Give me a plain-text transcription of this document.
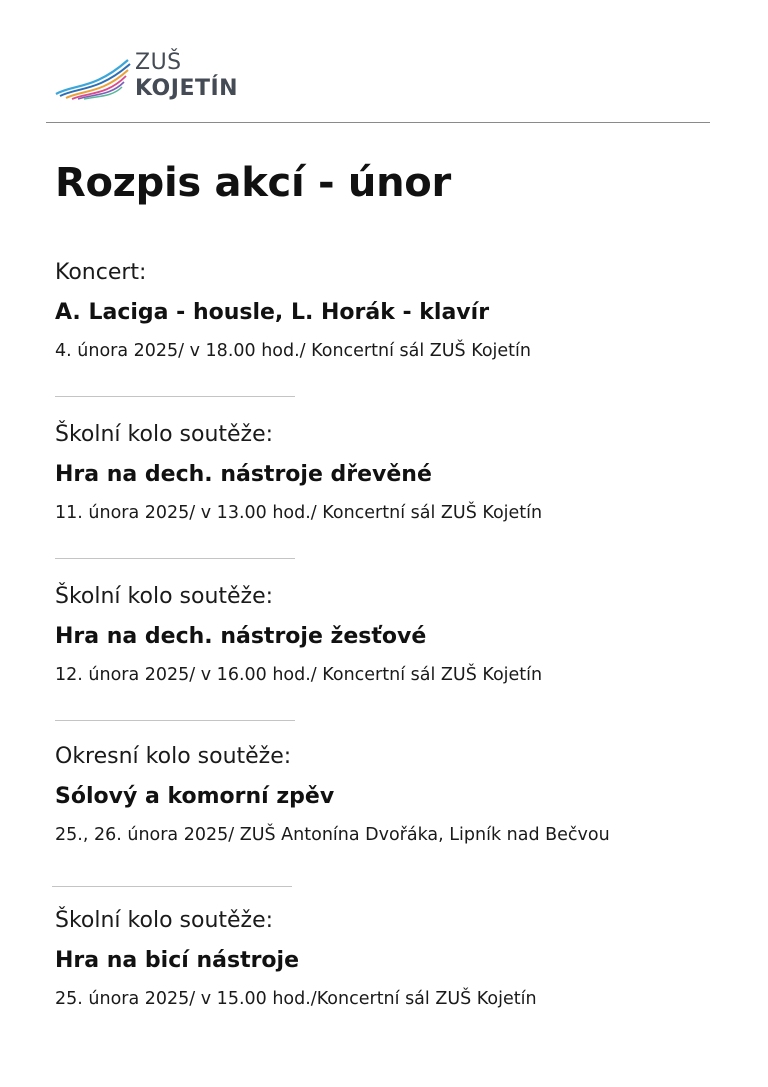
ZUŠ
KOJETÍN
Rozpis akcí - únor
Koncert:
A. Laciga - housle, L. Horák - klavír
4. února 2025/ v 18.00 hod./ Koncertní sál ZUŠ Kojetín
Školní kolo soutěže:
Hra na dech. nástroje dřevěné
11. února 2025/ v 13.00 hod./ Koncertní sál ZUŠ Kojetín
Školní kolo soutěže:
Hra na dech. nástroje žesťové
12. února 2025/ v 16.00 hod./ Koncertní sál ZUŠ Kojetín
Okresní kolo soutěže:
Sólový a komorní zpěv
25., 26. února 2025/ ZUŠ Antonína Dvořáka, Lipník nad Bečvou
Školní kolo soutěže:
Hra na bicí nástroje
25. února 2025/ v 15.00 hod./Koncertní sál ZUŠ Kojetín
